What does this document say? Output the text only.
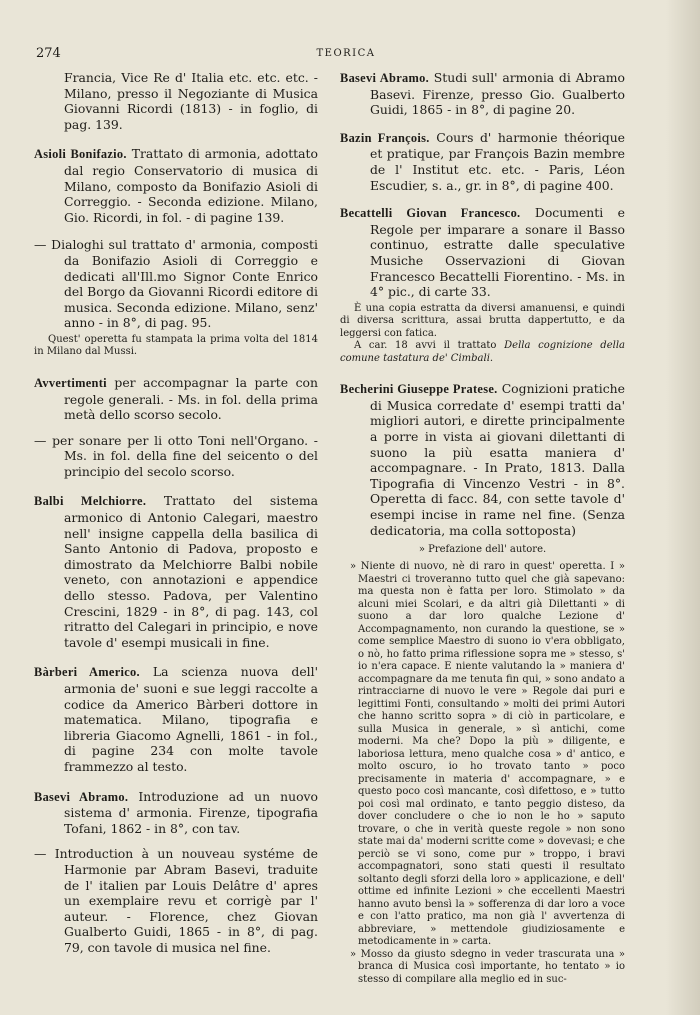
274	TEORICA

Francia, Vice Re d' Italia etc. etc. etc. - Milano, presso il Negoziante di Musica Giovanni Ricordi (1813) - in foglio, di pag. 139.

Asioli Bonifazio. Trattato di armonia, adottato dal regio Conservatorio di musica di Milano, composto da Bonifazio Asioli di Correggio. - Seconda edizione. Milano, Gio. Ricordi, in fol. - di pagine 139.

— Dialoghi sul trattato d' armonia, composti da Bonifazio Asioli di Correggio e dedicati all'Ill.mo Signor Conte Enrico del Borgo da Giovanni Ricordi editore di musica. Seconda edizione. Milano, senz' anno - in 8°, di pag. 95.

Quest' operetta fu stampata la prima volta del 1814 in Milano dal Mussi.

Avvertimenti per accompagnar la parte con regole generali. - Ms. in fol. della prima metà dello scorso secolo.

— per sonare per li otto Toni nell'Organo. - Ms. in fol. della fine del seicento o del principio del secolo scorso.

Balbi Melchiorre. Trattato del sistema armonico di Antonio Calegari, maestro nell' insigne cappella della basilica di Santo Antonio di Padova, proposto e dimostrato da Melchiorre Balbi nobile veneto, con annotazioni e appendice dello stesso. Padova, per Valentino Crescini, 1829 - in 8°, di pag. 143, col ritratto del Calegari in principio, e nove tavole d' esempi musicali in fine.

Bàrberi Americo. La scienza nuova dell' armonia de' suoni e sue leggi raccolte a codice da Americo Bàrberi dottore in matematica. Milano, tipografia e libreria Giacomo Agnelli, 1861 - in fol., di pagine 234 con molte tavole frammezzo al testo.

Basevi Abramo. Introduzione ad un nuovo sistema d' armonia. Firenze, tipografia Tofani, 1862 - in 8°, con tav.

— Introduction à un nouveau systéme de Harmonie par Abram Basevi, traduite de l' italien par Louis Delâtre d' apres un exemplaire revu et corrigè par l' auteur. - Florence, chez Giovan Gualberto Guidi, 1865 - in 8°, di pag. 79, con tavole di musica nel fine.

Basevi Abramo. Studi sull' armonia di Abramo Basevi. Firenze, presso Gio. Gualberto Guidi, 1865 - in 8°, di pagine 20.

Bazin François. Cours d' harmonie théorique et pratique, par François Bazin membre de l' Institut etc. etc. - Paris, Léon Escudier, s. a., gr. in 8°, di pagine 400.

Becattelli Giovan Francesco. Documenti e Regole per imparare a sonare il Basso continuo, estratte dalle speculative Musiche Osservazioni di Giovan Francesco Becattelli Fiorentino. - Ms. in 4° pic., di carte 33.

È una copia estratta da diversi amanuensi, e quindi di diversa scrittura, assai brutta dappertutto, e da leggersi con fatica.

A car. 18 avvi il trattato Della cognizione della comune tastatura de' Cimbali.

Becherini Giuseppe Pratese. Cognizioni pratiche di Musica corredate d' esempi tratti da' migliori autori, e dirette principalmente a porre in vista ai giovani dilettanti di suono la più esatta maniera d' accompagnare. - In Prato, 1813. Dalla Tipografia di Vincenzo Vestri - in 8°. Operetta di facc. 84, con sette tavole d' esempi incise in rame nel fine. (Senza dedicatoria, ma colla sottoposta)

» Prefazione dell' autore.

» Niente di nuovo, nè di raro in quest' operetta. I » Maestri ci troveranno tutto quel che già sapevano: ma questa non è fatta per loro. Stimolato » da alcuni miei Scolari, e da altri già Dilettanti » di suono a dar loro qualche Lezione d' Accompagnamento, non curando la questione, se » come semplice Maestro di suono io v'era obbligato, o nò, ho fatto prima riflessione sopra me » stesso, s' io n'era capace. E niente valutando la » maniera d' accompagnare da me tenuta fin qui, » sono andato a rintracciarne di nuovo le vere » Regole dai puri e legittimi Fonti, consultando » molti dei primi Autori che hanno scritto sopra » di ciò in particolare, e sulla Musica in generale, » sì antichi, come moderni. Ma che? Dopo la più » diligente, e laboriosa lettura, meno qualche cosa » d' antico, e molto oscuro, io ho trovato tanto » poco precisamente in materia d' accompagnare, » e questo poco così mancante, così difettoso, e » tutto poi così mal ordinato, e tanto peggio disteso, da dover concludere o che io non le ho » saputo trovare, o che in verità queste regole » non sono state mai da' moderni scritte come » dovevasi; e che perciò se vi sono, come pur » troppo, i bravi accompagnatori, sono stati questi il resultato soltanto degli sforzi della loro » applicazione, e dell' ottime ed infinite Lezioni » che eccellenti Maestri hanno avuto bensì la » sofferenza di dar loro a voce e con l'atto pratico, ma non già l' avvertenza di abbreviare, » mettendole giudiziosamente e metodicamente in » carta.

» Mosso da giusto sdegno in veder trascurata una » branca di Musica così importante, ho tentato » io stesso di compilare alla meglio ed in suc-
